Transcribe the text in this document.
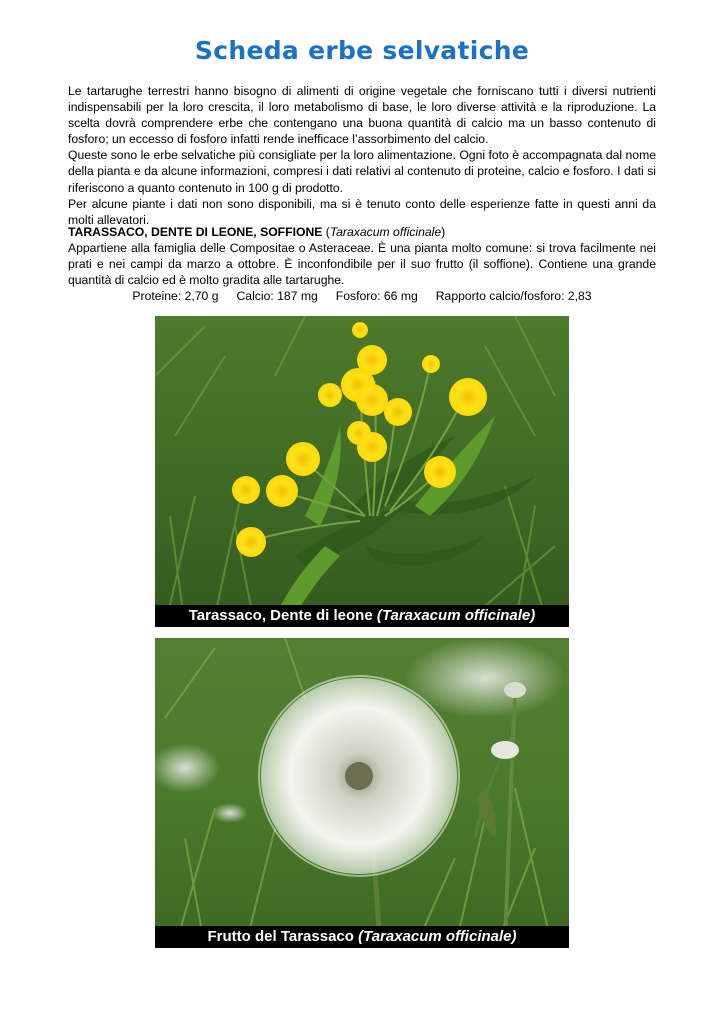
Scheda erbe selvatiche

Le tartarughe terrestri hanno bisogno di alimenti di origine vegetale che forniscano tutti i diversi nutrienti indispensabili per la loro crescita, il loro metabolismo di base, le loro diverse attività e la riproduzione. La scelta dovrà comprendere erbe che contengano una buona quantità di calcio ma un basso contenuto di fosforo; un eccesso di fosforo infatti rende inefficace l’assorbimento del calcio.

Queste sono le erbe selvatiche più consigliate per la loro alimentazione. Ogni foto è accompagnata dal nome della pianta e da alcune informazioni, compresi i dati relativi al contenuto di proteine, calcio e fosforo. I dati si riferiscono a quanto contenuto in 100 g di prodotto.

Per alcune piante i dati non sono disponibili, ma si è tenuto conto delle esperienze fatte in questi anni da molti allevatori.

TARASSACO, DENTE DI LEONE, SOFFIONE (Taraxacum officinale)

Appartiene alla famiglia delle Compositae o Asteraceae. È una pianta molto comune: si trova facilmente nei prati e nei campi da marzo a ottobre. È inconfondibile per il suo frutto (il soffione). Contiene una grande quantità di calcio ed è molto gradita alle tartarughe.

Proteine: 2,70 g Calcio: 187 mg Fosforo: 66 mg Rapporto calcio/fosforo: 2,83
Tarassaco, Dente di leone (Taraxacum officinale)
Frutto del Tarassaco (Taraxacum officinale)
